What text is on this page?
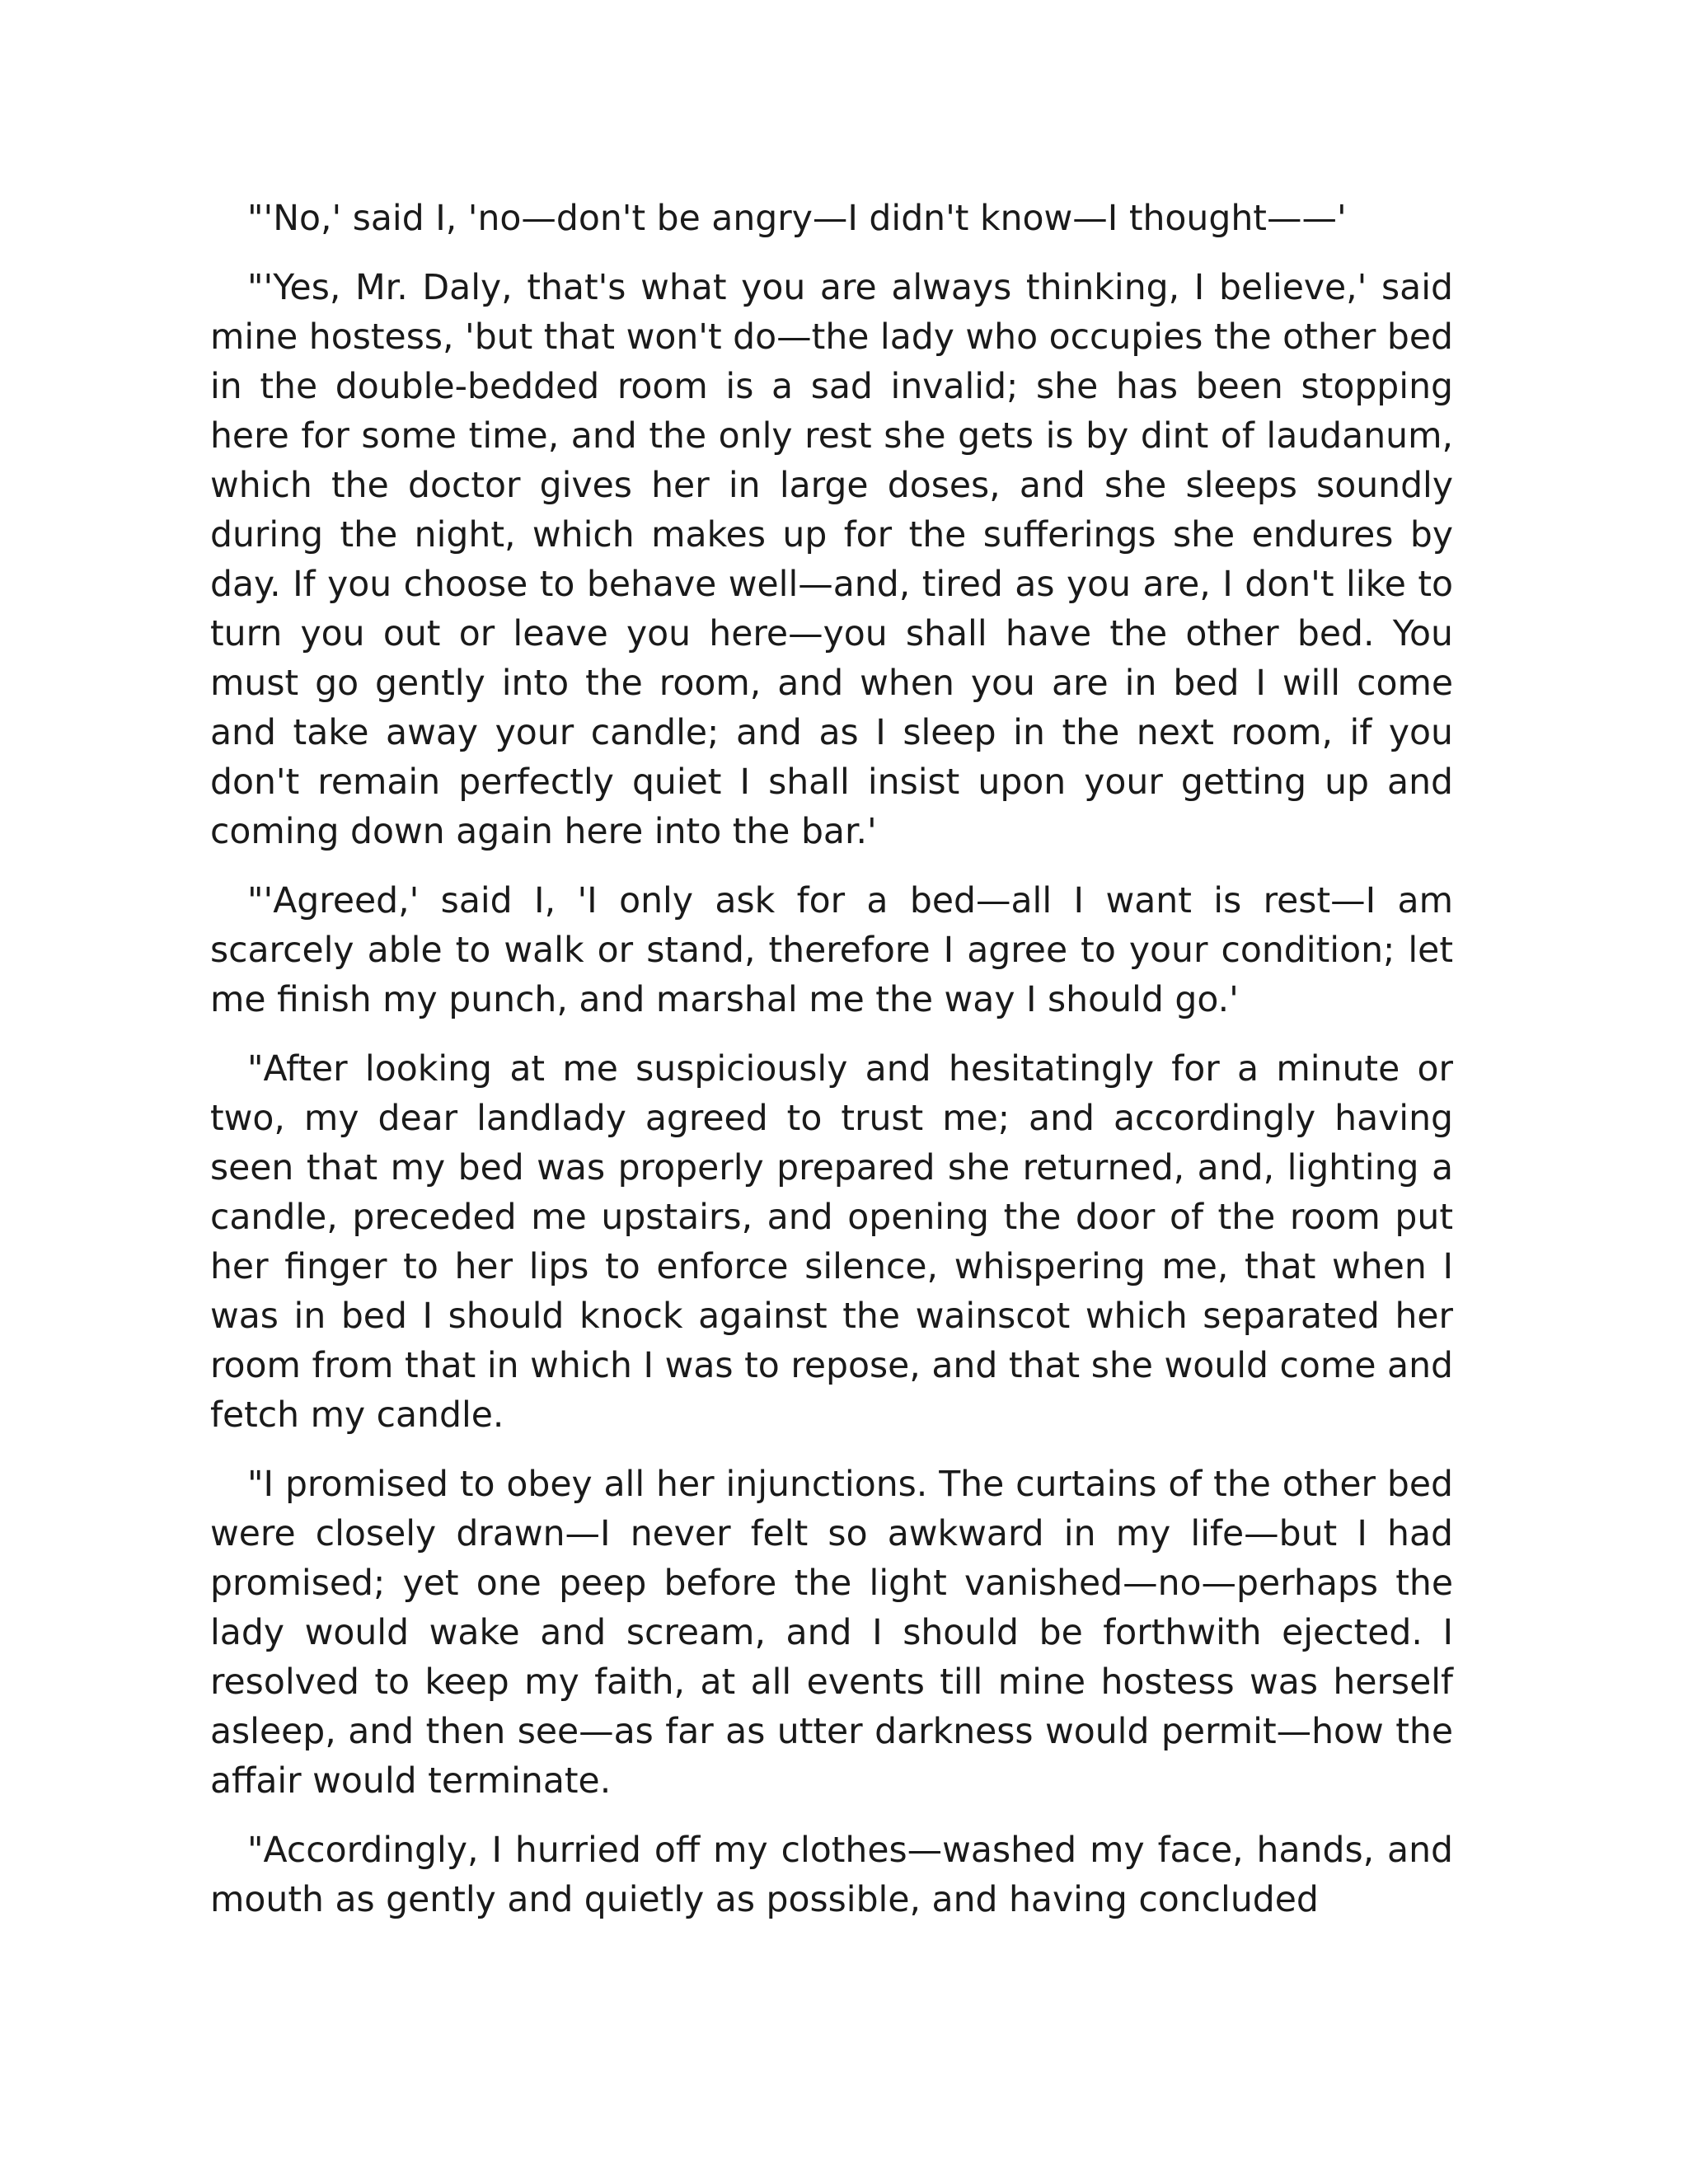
"'No,' said I, 'no—don't be angry—I didn't know—I thought——'

"'Yes, Mr. Daly, that's what you are always thinking, I believe,' said mine hostess, 'but that won't do—the lady who occupies the other bed in the double-bedded room is a sad invalid; she has been stopping here for some time, and the only rest she gets is by dint of laudanum, which the doctor gives her in large doses, and she sleeps soundly during the night, which makes up for the sufferings she endures by day. If you choose to behave well—and, tired as you are, I don't like to turn you out or leave you here—you shall have the other bed. You must go gently into the room, and when you are in bed I will come and take away your candle; and as I sleep in the next room, if you don't remain perfectly quiet I shall insist upon your getting up and coming down again here into the bar.'

"'Agreed,' said I, 'I only ask for a bed—all I want is rest—I am scarcely able to walk or stand, therefore I agree to your condition; let me finish my punch, and marshal me the way I should go.'

"After looking at me suspiciously and hesitatingly for a minute or two, my dear landlady agreed to trust me; and accordingly having seen that my bed was properly prepared she returned, and, lighting a candle, preceded me upstairs, and opening the door of the room put her finger to her lips to enforce silence, whispering me, that when I was in bed I should knock against the wainscot which separated her room from that in which I was to repose, and that she would come and fetch my candle.

"I promised to obey all her injunctions. The curtains of the other bed were closely drawn—I never felt so awkward in my life—but I had promised; yet one peep before the light vanished—no—perhaps the lady would wake and scream, and I should be forthwith ejected. I resolved to keep my faith, at all events till mine hostess was herself asleep, and then see—as far as utter darkness would permit—how the affair would terminate.

"Accordingly, I hurried off my clothes—washed my face, hands, and mouth as gently and quietly as possible, and having concluded
